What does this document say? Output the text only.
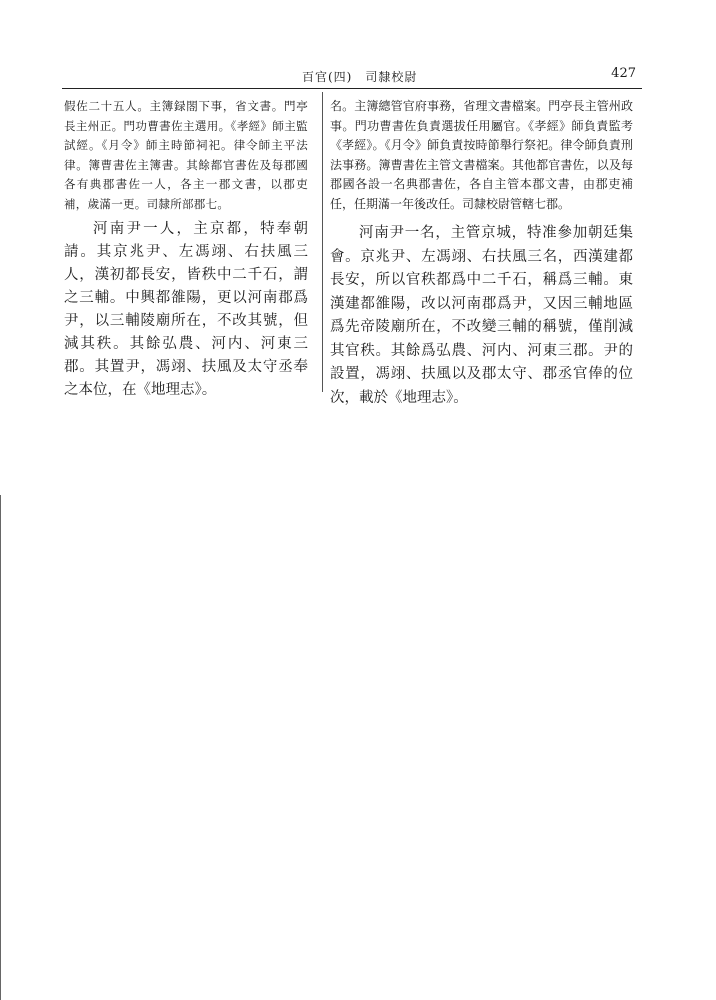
百官(四)　司隸校尉	427

假佐二十五人。主簿録閤下事，省文書。門亭長主州正。門功曹書佐主選用。《孝經》師主監試經。《月令》師主時節祠祀。律令師主平法律。簿曹書佐主簿書。其餘都官書佐及每郡國各有典郡書佐一人，各主一郡文書，以郡吏補，歲滿一更。司隸所部郡七。

河南尹一人，主京都，特奉朝請。其京兆尹、左馮翊、右扶風三人，漢初都長安，皆秩中二千石，謂之三輔。中興都雒陽，更以河南郡爲尹，以三輔陵廟所在，不改其號，但減其秩。其餘弘農、河内、河東三郡。其置尹，馮翊、扶風及太守丞奉之本位，在《地理志》。

名。主簿總管官府事務，省理文書檔案。門亭長主管州政事。門功曹書佐負責選拔任用屬官。《孝經》師負責監考《孝經》。《月令》師負責按時節舉行祭祀。律令師負責刑法事務。簿曹書佐主管文書檔案。其他都官書佐，以及每郡國各設一名典郡書佐，各自主管本郡文書，由郡吏補任，任期滿一年後改任。司隸校尉管轄七郡。

河南尹一名，主管京城，特准參加朝廷集會。京兆尹、左馮翊、右扶風三名，西漢建都長安，所以官秩都爲中二千石，稱爲三輔。東漢建都雒陽，改以河南郡爲尹，又因三輔地區爲先帝陵廟所在，不改變三輔的稱號，僅削減其官秩。其餘爲弘農、河内、河東三郡。尹的設置，馮翊、扶風以及郡太守、郡丞官俸的位次，載於《地理志》。
